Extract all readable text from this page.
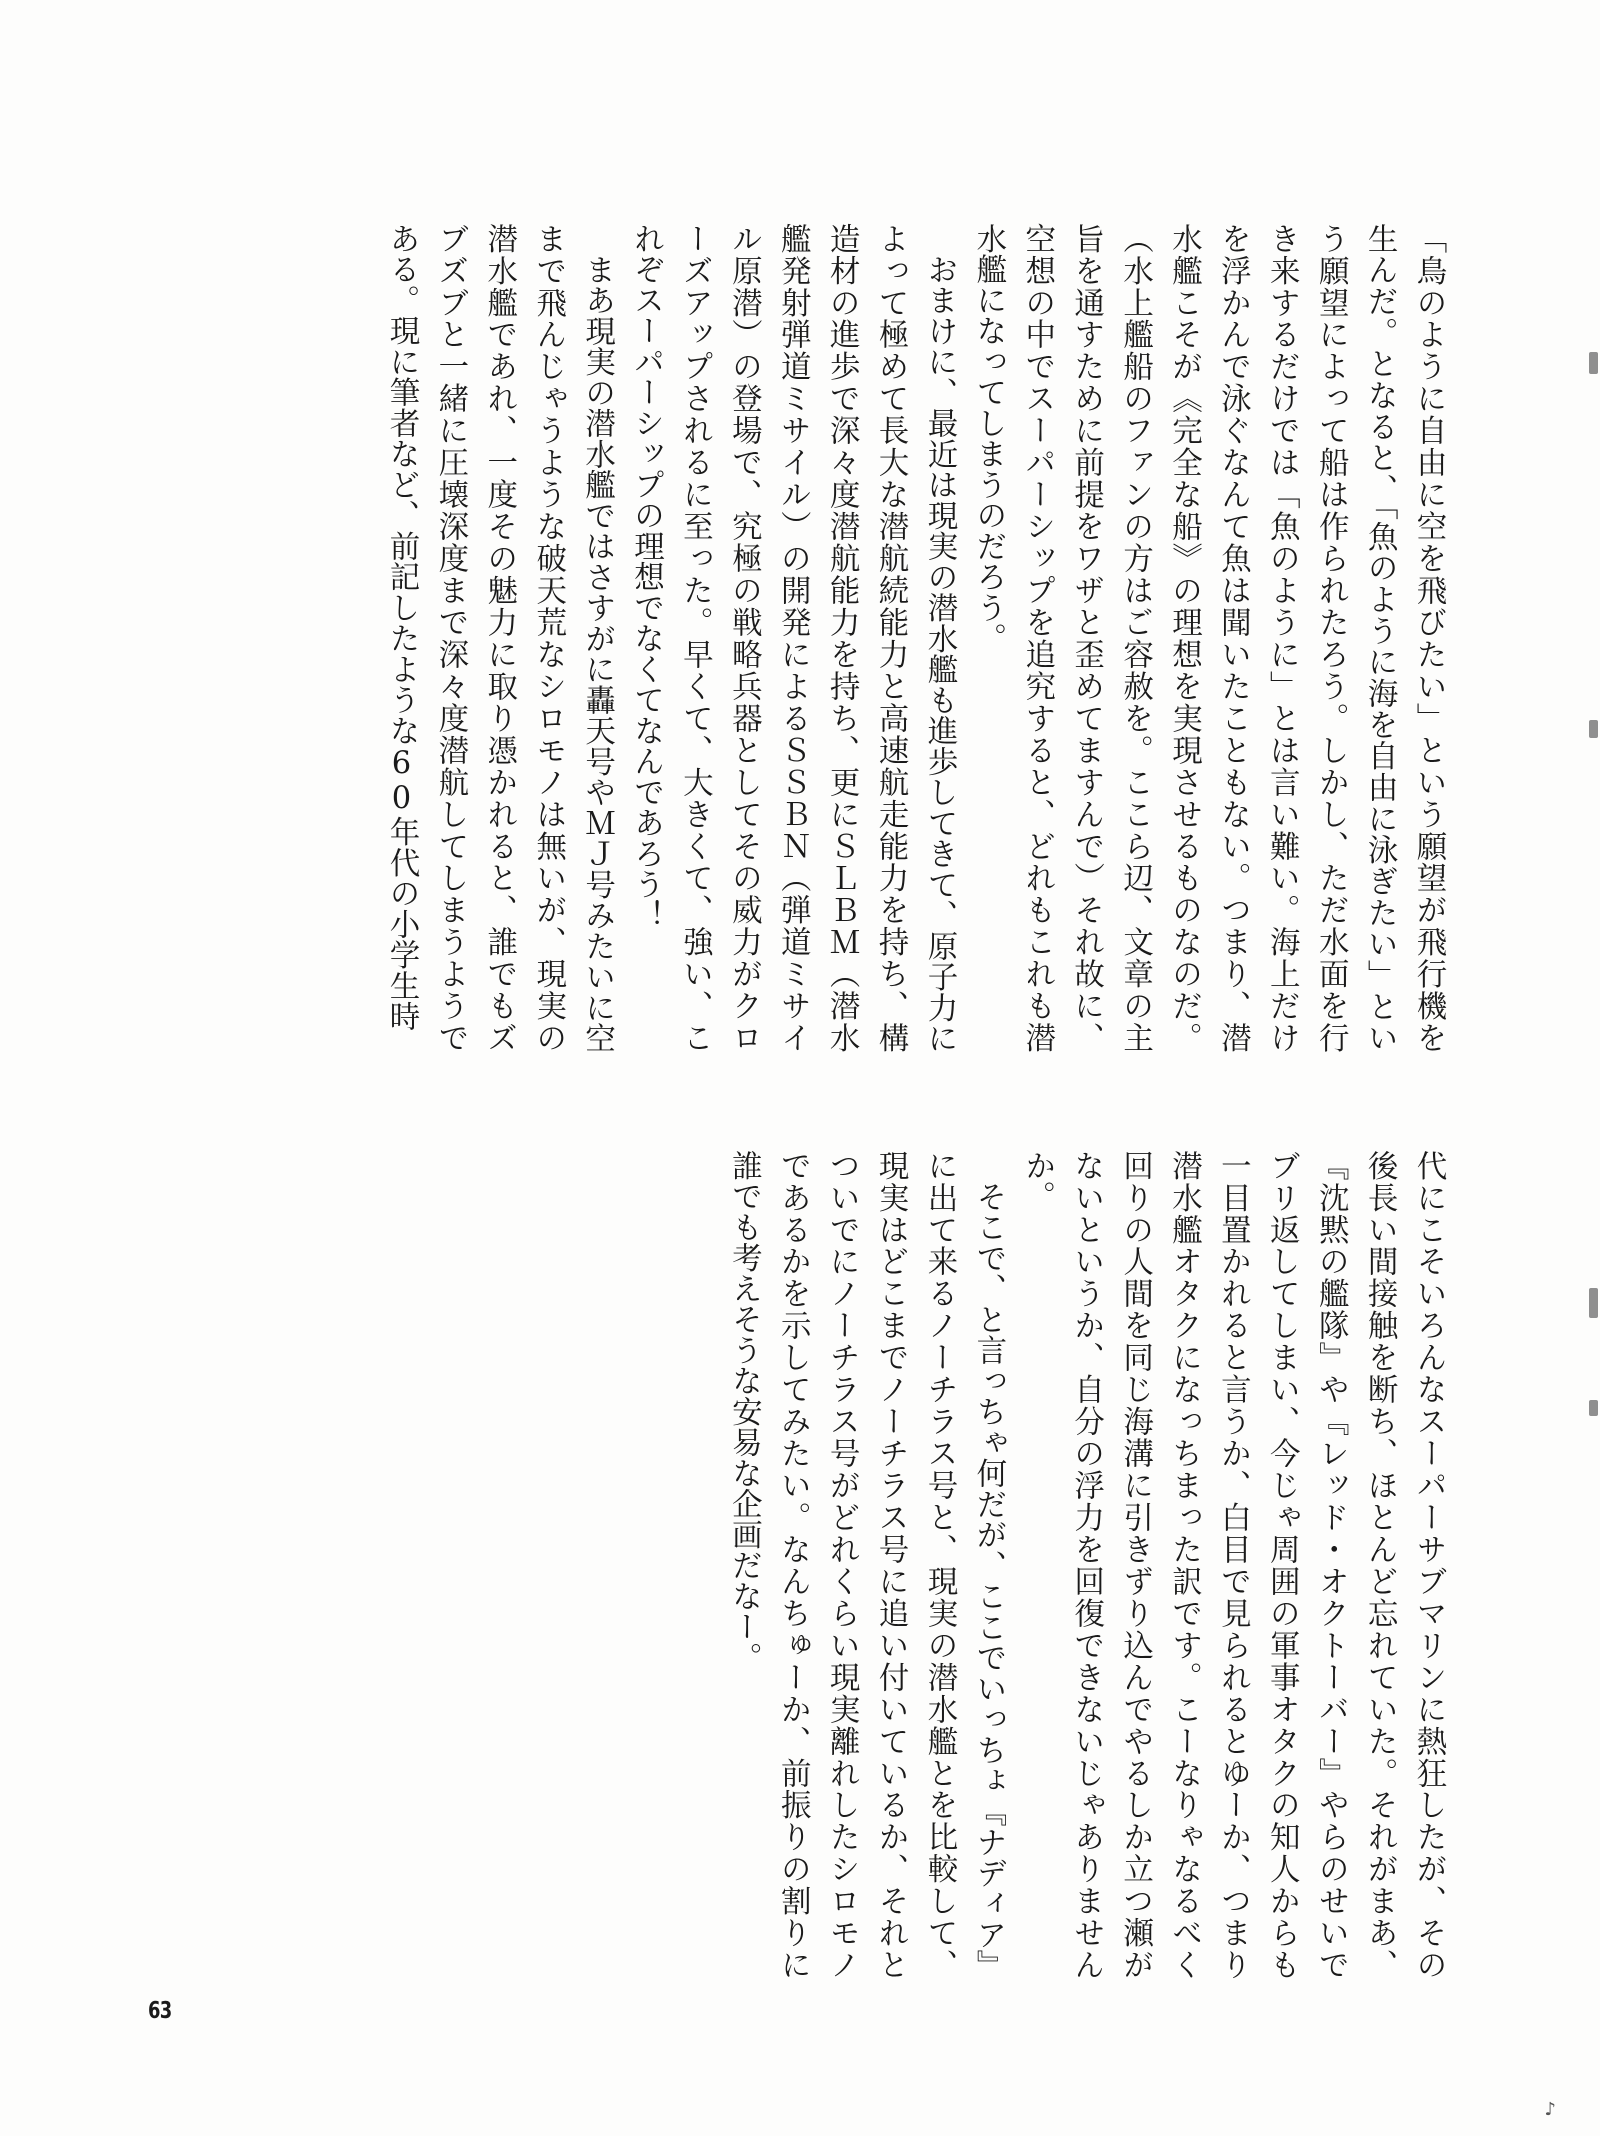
「鳥のように自由に空を飛びたい」という願望が飛行機を生んだ。となると、「魚のように海を自由に泳ぎたい」という願望によって船は作られたろう。しかし、ただ水面を行き来するだけでは「魚のように」とは言い難い。海上だけを浮かんで泳ぐなんて魚は聞いたこともない。つまり、潜水艦こそが《完全な船》の理想を実現させるものなのだ。（水上艦船のファンの方はご容赦を。ここら辺、文章の主旨を通すために前提をワザと歪めてますんで）それ故に、空想の中でスーパーシップを追究すると、どれもこれも潜水艦になってしまうのだろう。

おまけに、最近は現実の潜水艦も進歩してきて、原子力によって極めて長大な潜航続能力と高速航走能力を持ち、構造材の進歩で深々度潜航能力を持ち、更にＳＬＢＭ（潜水艦発射弾道ミサイル）の開発によるＳＳＢＮ（弾道ミサイル原潜）の登場で、究極の戦略兵器としてその威力がクローズアップされるに至った。早くて、大きくて、強い、これぞスーパーシップの理想でなくてなんであろう！

まあ現実の潜水艦ではさすがに轟天号やＭＪ号みたいに空まで飛んじゃうような破天荒なシロモノは無いが、現実の潜水艦であれ、一度その魅力に取り憑かれると、誰でもズブズブと一緒に圧壊深度まで深々度潜航してしまうようである。現に筆者など、前記したような60年代の小学生時

代にこそいろんなスーパーサブマリンに熱狂したが、その後長い間接触を断ち、ほとんど忘れていた。それがまあ、『沈黙の艦隊』や『レッド・オクトーバー』やらのせいでブリ返してしまい、今じゃ周囲の軍事オタクの知人からも一目置かれると言うか、白目で見られるとゆーか、つまり潜水艦オタクになっちまった訳です。こーなりゃなるべく回りの人間を同じ海溝に引きずり込んでやるしか立つ瀬がないというか、自分の浮力を回復できないじゃありませんか。

そこで、と言っちゃ何だが、ここでいっちょ『ナディア』に出て来るノーチラス号と、現実の潜水艦とを比較して、現実はどこまでノーチラス号に追い付いているか、それとついでにノーチラス号がどれくらい現実離れしたシロモノであるかを示してみたい。なんちゅーか、前振りの割りに誰でも考えそうな安易な企画だなー。

63
♪
